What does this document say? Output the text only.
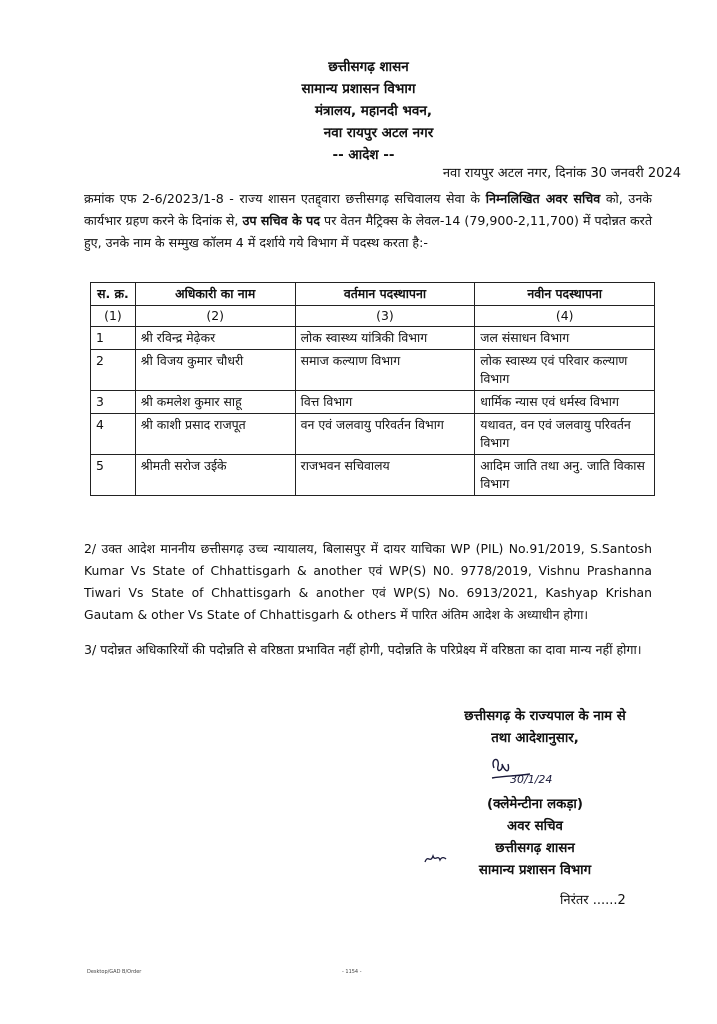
छत्तीसगढ़ शासन
सामान्य प्रशासन विभाग
मंत्रालय, महानदी भवन,
नवा रायपुर अटल नगर
-- आदेश --
नवा रायपुर अटल नगर, दिनांक 30 जनवरी 2024
क्रमांक एफ 2-6/2023/1-8 - राज्य शासन एतद्द्वारा छत्तीसगढ़ सचिवालय सेवा के निम्नलिखित अवर सचिव को, उनके कार्यभार ग्रहण करने के दिनांक से, उप सचिव के पद पर वेतन मैट्रिक्स के लेवल-14 (79,900-2,11,700) में पदोन्नत करते हुए, उनके नाम के सम्मुख कॉलम 4 में दर्शाये गये विभाग में पदस्थ करता है:-
स. क्र.	अधिकारी का नाम	वर्तमान पदस्थापना	नवीन पदस्थापना
(1)	(2)	(3)	(4)
1	श्री रविन्द्र मेढ़ेकर	लोक स्वास्थ्य यांत्रिकी विभाग	जल संसाधन विभाग
2	श्री विजय कुमार चौधरी	समाज कल्याण विभाग	लोक स्वास्थ्य एवं परिवार कल्याण विभाग
3	श्री कमलेश कुमार साहू	वित्त विभाग	धार्मिक न्यास एवं धर्मस्व विभाग
4	श्री काशी प्रसाद राजपूत	वन एवं जलवायु परिवर्तन विभाग	यथावत, वन एवं जलवायु परिवर्तन विभाग
5	श्रीमती सरोज उईके	राजभवन सचिवालय	आदिम जाति तथा अनु. जाति विकास विभाग
2/ उक्त आदेश माननीय छत्तीसगढ़ उच्च न्यायालय, बिलासपुर में दायर याचिका WP (PIL) No.91/2019, S.Santosh Kumar Vs State of Chhattisgarh & another एवं WP(S) N0. 9778/2019, Vishnu Prashanna Tiwari Vs State of Chhattisgarh & another एवं WP(S) No. 6913/2021, Kashyap Krishan Gautam & other Vs State of Chhattisgarh & others में पारित अंतिम आदेश के अध्याधीन होगा।
3/ पदोन्नत अधिकारियों की पदोन्नति से वरिष्ठता प्रभावित नहीं होगी, पदोन्नति के परिप्रेक्ष्य में वरिष्ठता का दावा मान्य नहीं होगा।
छत्तीसगढ़ के राज्यपाल के नाम से
तथा आदेशानुसार,
(क्लेमेन्टीना लकड़ा)
अवर सचिव
छत्तीसगढ़ शासन
सामान्य प्रशासन विभाग
30/1/24
निरंतर ......2
Desktop/GAD B/Order	- 1154 -
